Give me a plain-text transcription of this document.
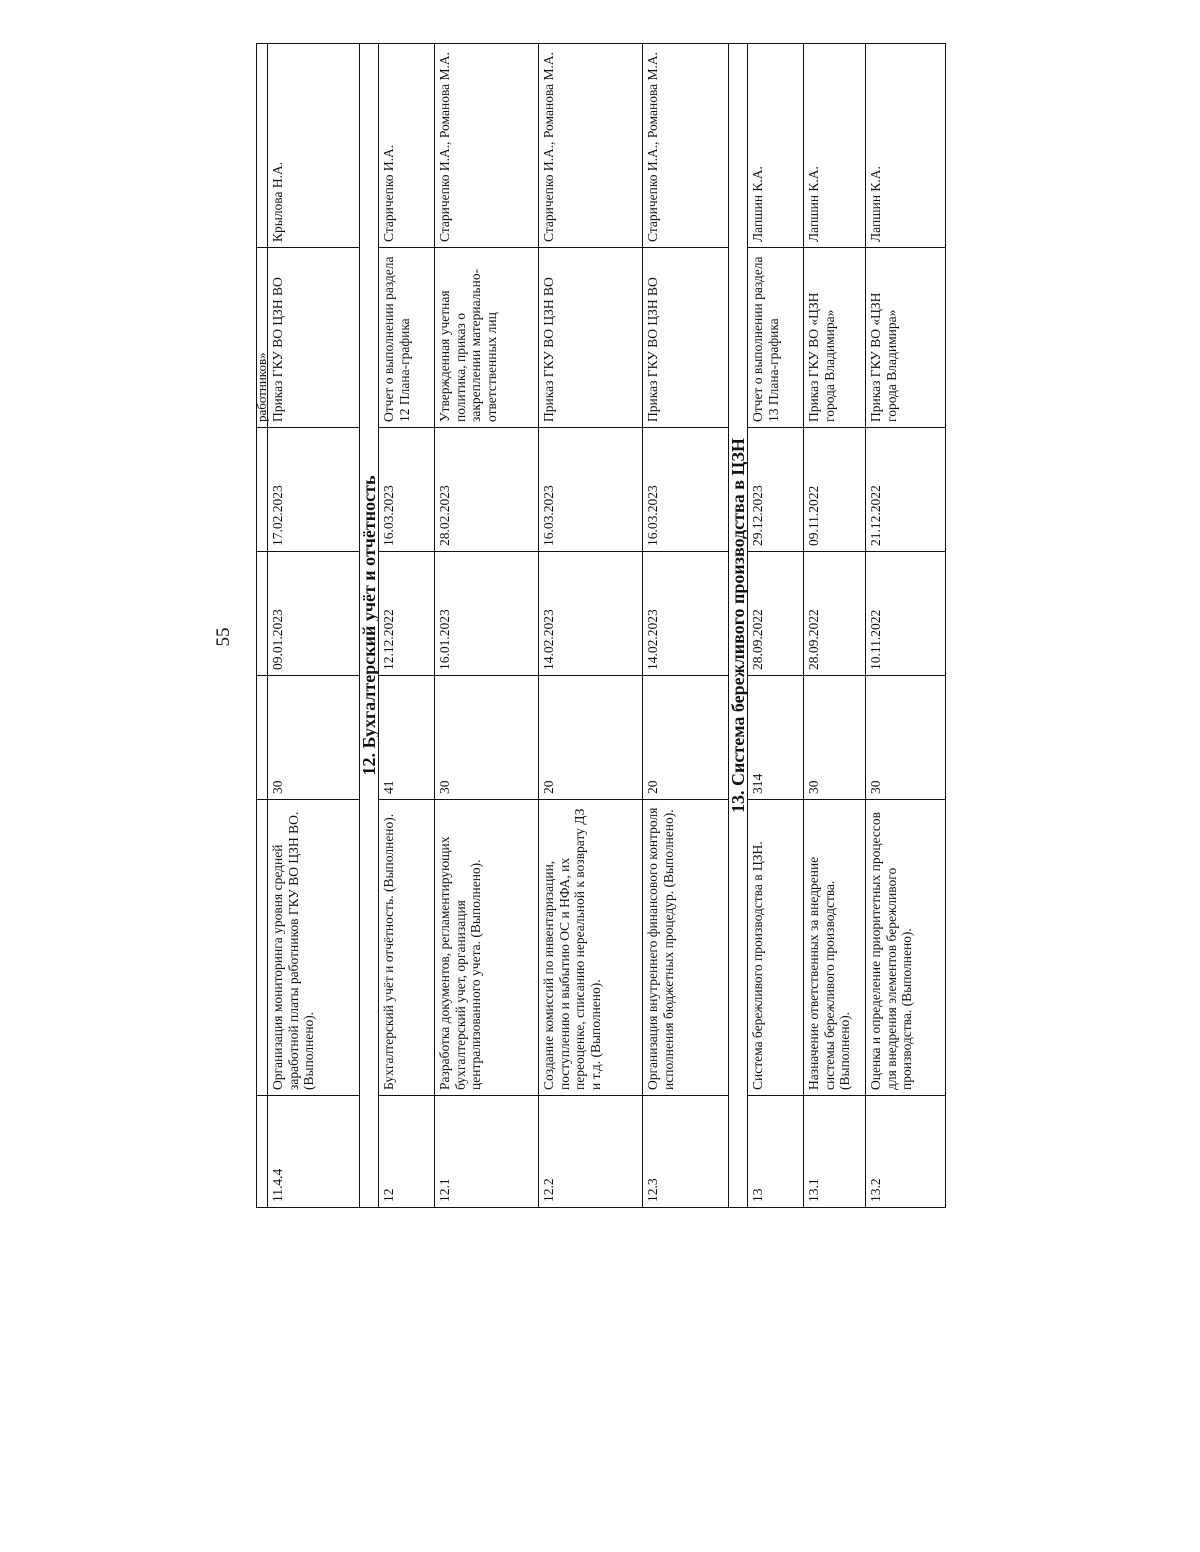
55
					работников»	
11.4.4	Организация мониторинга уровня средней заработной платы работников ГКУ ВО ЦЗН ВО. (Выполнено).	30	09.01.2023	17.02.2023	Приказ ГКУ ВО ЦЗН ВО	Крылова Н.А.
12. Бухгалтерский учёт и отчётность						
12	Бухгалтерский учёт и отчётность. (Выполнено).	41	12.12.2022	16.03.2023	Отчет о выполнении раздела 12 Плана-графика	Старичепко И.А.
12.1	Разработка документов, регламентирующих бухгалтерский учет, организация централизованного учета. (Выполнено).	30	16.01.2023	28.02.2023	Утвержденная учетная политика, приказ о закреплении материально-ответственных лиц	Старичепко И.А., Романова М.А.
12.2	Создание комиссий по инвентаризации, поступлению и выбытию ОС и НФА, их переоценке, списанию нереальной к возврату ДЗ и т.д. (Выполнено).	20	14.02.2023	16.03.2023	Приказ ГКУ ВО ЦЗН ВО	Старичепко И.А., Романова М.А.
12.3	Организация внутреннего финансового контроля исполнения бюджетных процедур. (Выполнено).	20	14.02.2023	16.03.2023	Приказ ГКУ ВО ЦЗН ВО	Старичепко И.А., Романова М.А.
13. Система бережливого производства в ЦЗН						
13	Система бережливого производства в ЦЗН.	314	28.09.2022	29.12.2023	Отчет о выполнении раздела 13 Плана-графика	Лапшин К.А.
13.1	Назначение ответственных за внедрение системы бережливого производства. (Выполнено).	30	28.09.2022	09.11.2022	Приказ ГКУ ВО «ЦЗН города Владимира»	Лапшин К.А.
13.2	Оценка и определение приоритетных процессов для внедрения элементов бережливого производства. (Выполнено).	30	10.11.2022	21.12.2022	Приказ ГКУ ВО «ЦЗН города Владимира»	Лапшин К.А.
